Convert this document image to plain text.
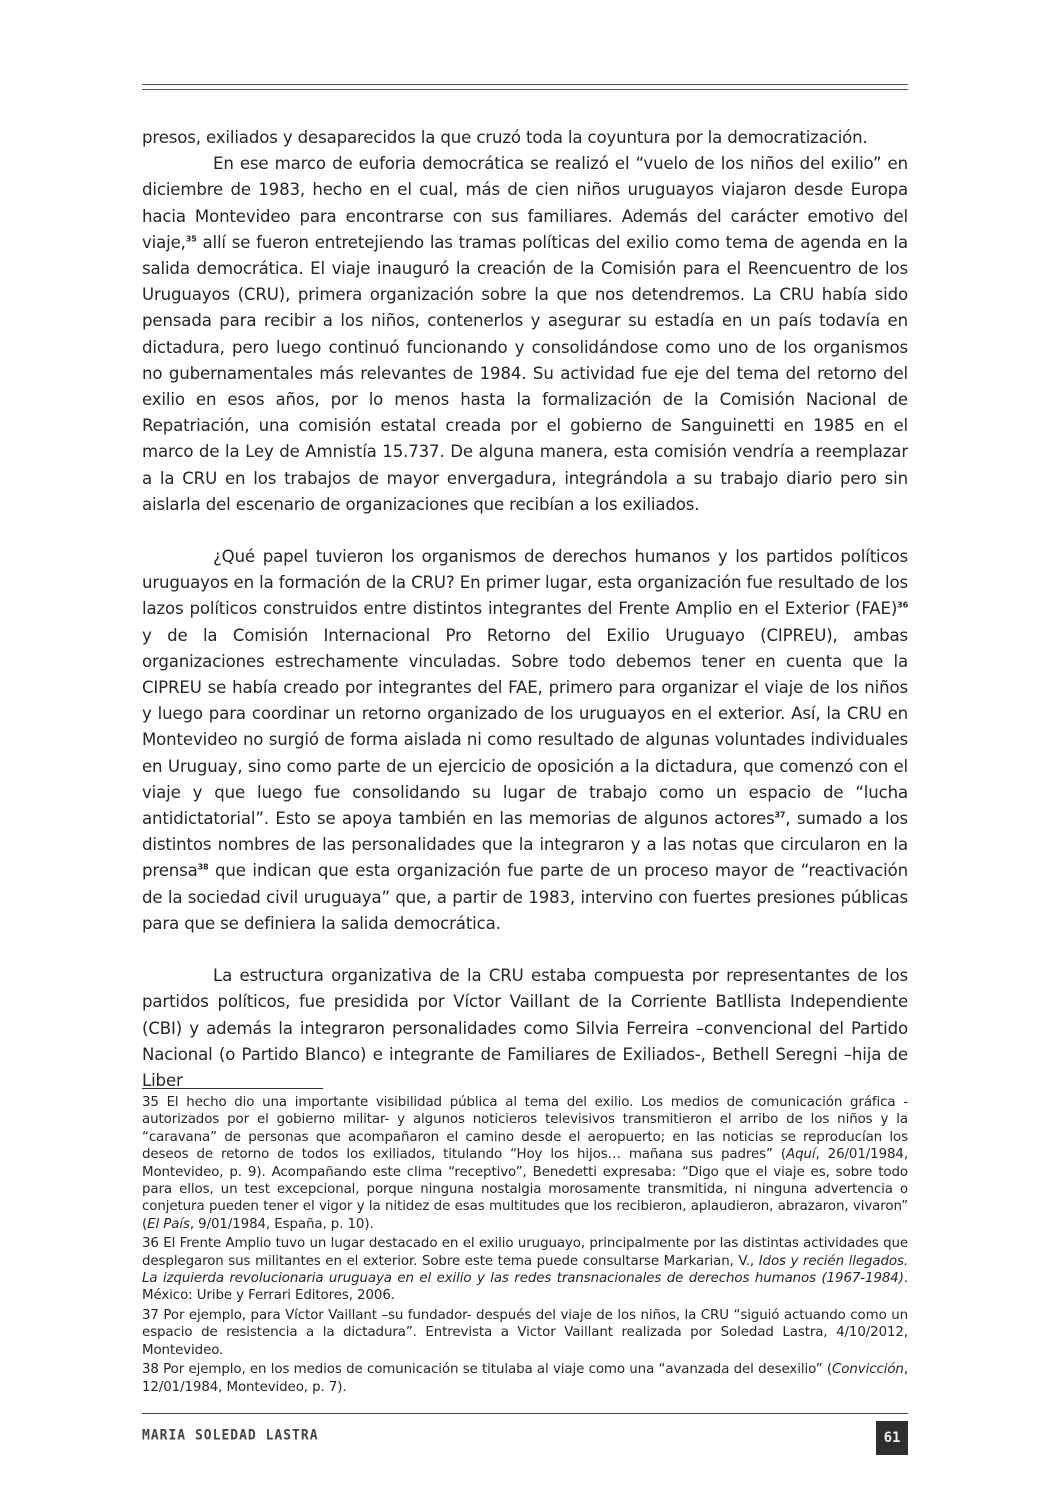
presos, exiliados y desaparecidos la que cruzó toda la coyuntura por la democratización.

En ese marco de euforia democrática se realizó el “vuelo de los niños del exilio” en diciembre de 1983, hecho en el cual, más de cien niños uruguayos viajaron desde Europa hacia Montevideo para encontrarse con sus familiares. Además del carácter emotivo del viaje,$^{35}$ allí se fueron entretejiendo las tramas políticas del exilio como tema de agenda en la salida democrática. El viaje inauguró la creación de la Comisión para el Reencuentro de los Uruguayos (CRU), primera organización sobre la que nos detendremos. La CRU había sido pensada para recibir a los niños, contenerlos y asegurar su estadía en un país todavía en dictadura, pero luego continuó funcionando y consolidándose como uno de los organismos no gubernamentales más relevantes de 1984. Su actividad fue eje del tema del retorno del exilio en esos años, por lo menos hasta la formalización de la Comisión Nacional de Repatriación, una comisión estatal creada por el gobierno de Sanguinetti en 1985 en el marco de la Ley de Amnistía 15.737. De alguna manera, esta comisión vendría a reemplazar a la CRU en los trabajos de mayor envergadura, integrándola a su trabajo diario pero sin aislarla del escenario de organizaciones que recibían a los exiliados.

¿Qué papel tuvieron los organismos de derechos humanos y los partidos políticos uruguayos en la formación de la CRU? En primer lugar, esta organización fue resultado de los lazos políticos construidos entre distintos integrantes del Frente Amplio en el Exterior (FAE)$^{36}$ y de la Comisión Internacional Pro Retorno del Exilio Uruguayo (CIPREU), ambas organizaciones estrechamente vinculadas. Sobre todo debemos tener en cuenta que la CIPREU se había creado por integrantes del FAE, primero para organizar el viaje de los niños y luego para coordinar un retorno organizado de los uruguayos en el exterior. Así, la CRU en Montevideo no surgió de forma aislada ni como resultado de algunas voluntades individuales en Uruguay, sino como parte de un ejercicio de oposición a la dictadura, que comenzó con el viaje y que luego fue consolidando su lugar de trabajo como un espacio de “lucha antidictatorial”. Esto se apoya también en las memorias de algunos actores$^{37}$, sumado a los distintos nombres de las personalidades que la integraron y a las notas que circularon en la prensa$^{38}$ que indican que esta organización fue parte de un proceso mayor de “reactivación de la sociedad civil uruguaya” que, a partir de 1983, intervino con fuertes presiones públicas para que se definiera la salida democrática.

La estructura organizativa de la CRU estaba compuesta por representantes de los partidos políticos, fue presidida por Víctor Vaillant de la Corriente Batllista Independiente (CBI) y además la integraron personalidades como Silvia Ferreira –convencional del Partido Nacional (o Partido Blanco) e integrante de Familiares de Exiliados-, Bethell Seregni –hija de Liber

35 El hecho dio una importante visibilidad pública al tema del exilio. Los medios de comunicación gráfica -autorizados por el gobierno militar- y algunos noticieros televisivos transmitieron el arribo de los niños y la “caravana” de personas que acompañaron el camino desde el aeropuerto; en las noticias se reproducían los deseos de retorno de todos los exiliados, titulando “Hoy los hijos… mañana sus padres” (Aquí, 26/01/1984, Montevideo, p. 9). Acompañando este clima “receptivo”, Benedetti expresaba: “Digo que el viaje es, sobre todo para ellos, un test excepcional, porque ninguna nostalgia morosamente transmitida, ni ninguna advertencia o conjetura pueden tener el vigor y la nitidez de esas multitudes que los recibieron, aplaudieron, abrazaron, vivaron” (El País, 9/01/1984, España, p. 10).

36 El Frente Amplio tuvo un lugar destacado en el exilio uruguayo, principalmente por las distintas actividades que desplegaron sus militantes en el exterior. Sobre este tema puede consultarse Markarian, V., Idos y recién llegados. La izquierda revolucionaria uruguaya en el exilio y las redes transnacionales de derechos humanos (1967-1984). México: Uribe y Ferrari Editores, 2006.

37 Por ejemplo, para Víctor Vaillant –su fundador- después del viaje de los niños, la CRU “siguió actuando como un espacio de resistencia a la dictadura”. Entrevista a Victor Vaillant realizada por Soledad Lastra, 4/10/2012, Montevideo.

38 Por ejemplo, en los medios de comunicación se titulaba al viaje como una “avanzada del desexilio” (Convicción, 12/01/1984, Montevideo, p. 7).

MARIA SOLEDAD LASTRA	61
